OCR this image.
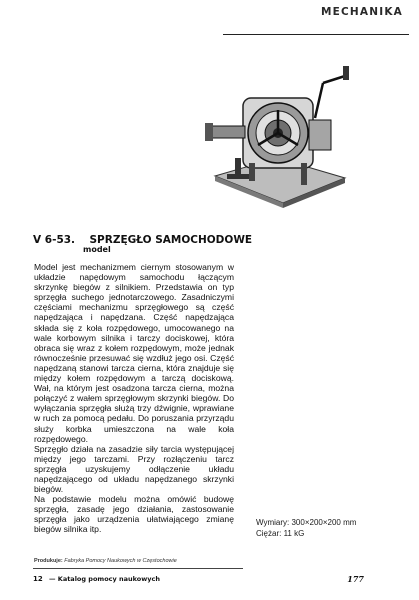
MECHANIKA
V 6-53. SPRZĘGŁO SAMOCHODOWE
model

Model jest mechanizmem ciernym stosowanym w układzie napędowym samochodu łączącym skrzynkę biegów z silnikiem. Przedstawia on typ sprzęgła suchego jednotarczowego. Zasadniczymi częściami mechanizmu sprzęgłowego są część napędzająca i napędzana. Część napędzająca składa się z koła rozpędowego, umocowanego na wale korbowym silnika i tarczy dociskowej, która obraca się wraz z kołem rozpędowym, może jednak równocześnie przesuwać się wzdłuż jego osi. Część napędzaną stanowi tarcza cierna, która znajduje się między kołem rozpędowym a tarczą dociskową. Wał, na którym jest osadzona tarcza cierna, można połączyć z wałem sprzęgłowym skrzynki biegów. Do wyłączania sprzęgła służą trzy dźwignie, wprawiane w ruch za pomocą pedału. Do poruszania przyrządu służy korbka umieszczona na wale koła rozpędowego.

Sprzęgło działa na zasadzie siły tarcia występującej między jego tarczami. Przy rozłączeniu tarcz sprzęgła uzyskujemy odłączenie układu napędzającego od układu napędzanego skrzynki biegów.

Na podstawie modelu można omówić budowę sprzęgła, zasadę jego działania, zastosowanie sprzęgła jako urządzenia ułatwiającego zmianę biegów silnika itp.

Wymiary: 300×200×200 mm
Ciężar: 11 kG
Produkuje: Fabryka Pomocy Naukowych w Częstochowie
12 — Katalog pomocy naukowych	177
